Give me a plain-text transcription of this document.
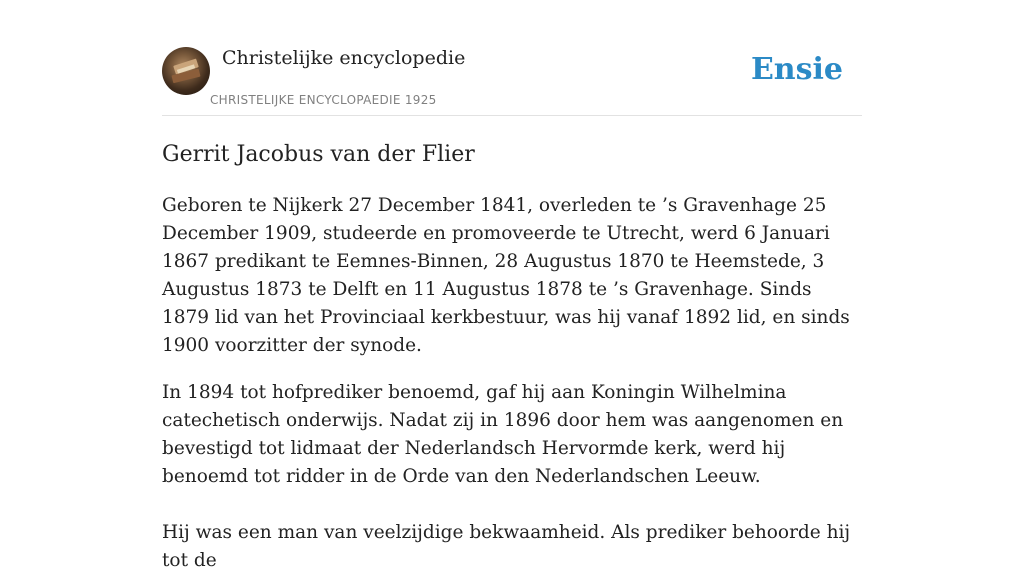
Christelijke encyclopedie
CHRISTELIJKE ENCYCLOPAEDIE 1925
Ensie
Gerrit Jacobus van der Flier

Geboren te Nijkerk 27 December 1841, overleden te ’s Gravenhage 25 December 1909, studeerde en promoveerde te Utrecht, werd 6 Januari 1867 predikant te Eemnes-Binnen, 28 Augustus 1870 te Heemstede, 3 Augustus 1873 te Delft en 11 Augustus 1878 te ’s Gravenhage. Sinds 1879 lid van het Provinciaal kerkbestuur, was hij vanaf 1892 lid, en sinds 1900 voorzitter der synode.

In 1894 tot hofprediker benoemd, gaf hij aan Koningin Wilhelmina catechetisch onderwijs. Nadat zij in 1896 door hem was aangenomen en bevestigd tot lidmaat der Nederlandsch Hervormde kerk, werd hij benoemd tot ridder in de Orde van den Nederlandschen Leeuw.

Hij was een man van veelzijdige bekwaamheid. Als prediker behoorde hij tot de
